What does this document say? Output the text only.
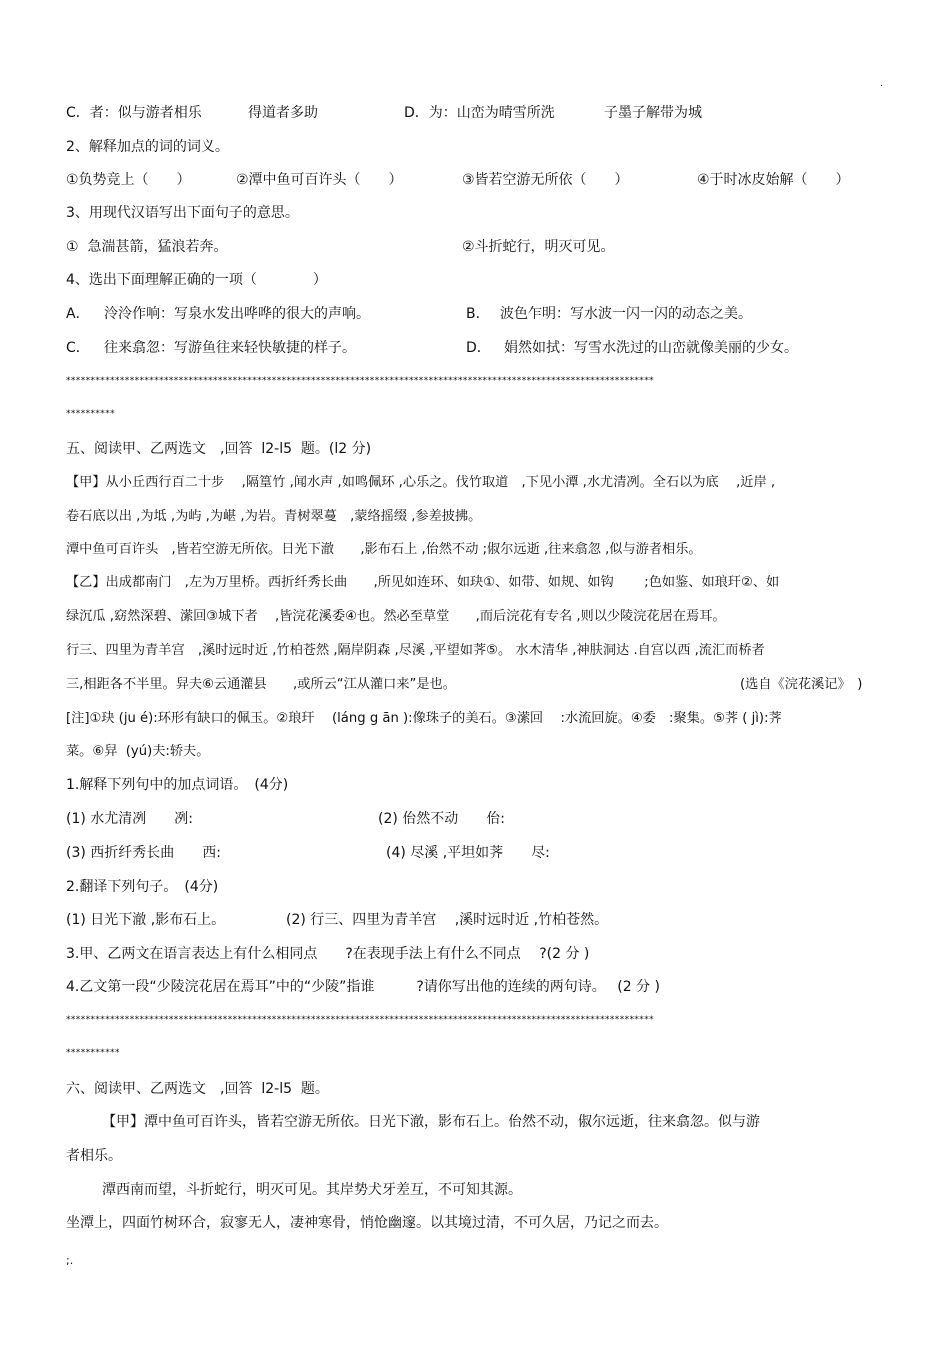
.
C．者：似与游者相乐	得道者多助	D．为：山峦为晴雪所洗	子墨子解带为城
2、解释加点的词的词义。
①负势竞上（　　）	②潭中鱼可百许头（　　）	③皆若空游无所依（　　）	④于时冰皮始解（　　）
3、用现代汉语写出下面句子的意思。
①  急湍甚箭，猛浪若奔。	②斗折蛇行，明灭可见。
4、选出下面理解正确的一项（　　　　）
A． 泠泠作响：写泉水发出哗哗的很大的声响。	B． 波色乍明：写水波一闪一闪的动态之美。
C． 往来翕忽：写游鱼往来轻快敏捷的样子。	D． 娟然如拭：写雪水洗过的山峦就像美丽的少女。
************************************************************************************************************************
**********
五、阅读甲、乙两选文　,回答  l2-l5  题。(l2 分)
【甲】从小丘西行百二十步　 ,隔篁竹 ,闻水声 ,如鸣佩环 ,心乐之。伐竹取道　,下见小潭 ,水尤清冽。全石以为底　 ,近岸 ,
卷石底以出 ,为坻 ,为屿 ,为嵁 ,为岩。青树翠蔓　,蒙络摇缀 ,参差披拂。
潭中鱼可百许头　,皆若空游无所依。日光下澈　　,影布石上 ,佁然不动 ;俶尔远逝 ,往来翕忽 ,似与游者相乐。
【乙】出成都南门　,左为万里桥。西折纤秀长曲　　,所见如连环、如玦①、如带、如规、如钩　　 ;色如鉴、如琅玕②、如
绿沉瓜 ,窈然深碧、潆回③城下者　 ,皆浣花溪委④也。然必至草堂　　,而后浣花有专名 ,则以少陵浣花居在焉耳。
行三、四里为青羊宫　,溪时远时近 ,竹柏苍然 ,隔岸阴森 ,尽溪 ,平望如荠⑤。 水木清华 ,神肤洞达 .自宫以西 ,流汇而桥者
三,相距各不半里。舁夫⑥云通灌县　　,或所云“江从灌口来”是也。	(选自《浣花溪记》　)
[注]①玦 (ju é):环形有缺口的佩玉。②琅玕　 (láng g ān ):像珠子的美石。③潆回　 :水流回旋。④委　:聚集。⑤荠 ( jì):荠
菜。⑥舁  (yú)夫:轿夫。
1.解释下列句中的加点词语。　(4分)
(1) 水尤清冽　　冽:	(2) 佁然不动　　佁:
(3) 西折纤秀长曲　　西:	(4) 尽溪 ,平坦如荠　　尽:
2.翻译下列句子。　(4分)
(1) 日光下澈 ,影布石上。	(2) 行三、四里为青羊宫　 ,溪时远时近 ,竹柏苍然。
3.甲、乙两文在语言表达上有什么相同点　　?在表现手法上有什么不同点　 ?(2 分 )
4.乙文第一段“少陵浣花居在焉耳”中的“少陵”指谁　　　?请你写出他的连续的两句诗。　 (2 分 )
************************************************************************************************************************
***********
六、阅读甲、乙两选文　,回答  l2-l5  题。
【甲】潭中鱼可百许头，皆若空游无所依。日光下澈，影布石上。佁然不动，俶尔远逝，往来翕忽。似与游
者相乐。
潭西南而望，斗折蛇行，明灭可见。其岸势犬牙差互，不可知其源。
坐潭上，四面竹树环合，寂寥无人，凄神寒骨，悄怆幽邃。以其境过清，不可久居，乃记之而去。
;.
